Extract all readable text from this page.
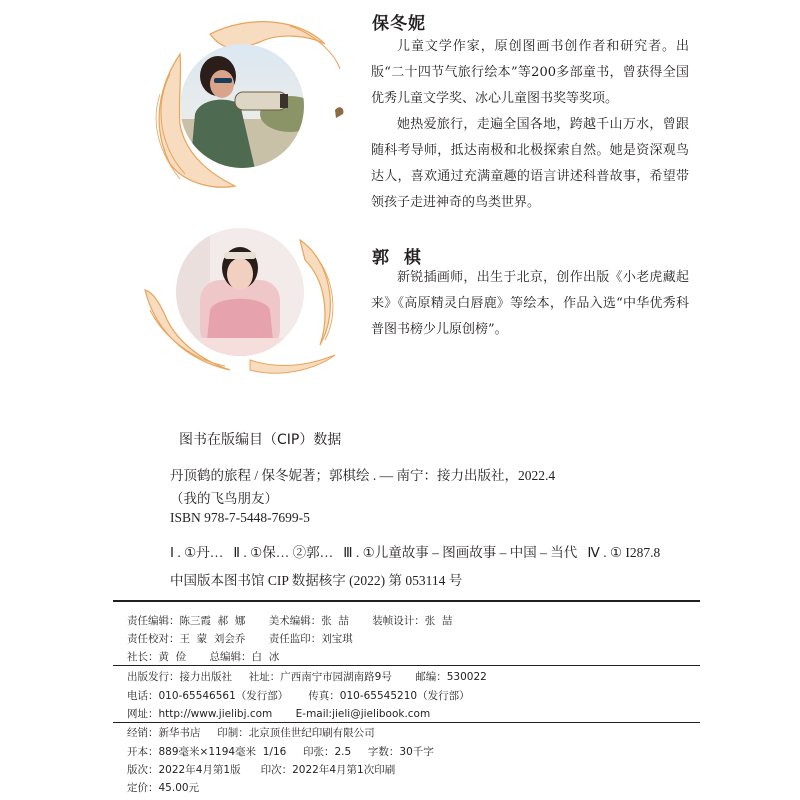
保冬妮

儿童文学作家，原创图画书创作者和研究者。出版“二十四节气旅行绘本”等200多部童书，曾获得全国优秀儿童文学奖、冰心儿童图书奖等奖项。

她热爱旅行，走遍全国各地，跨越千山万水，曾跟随科考导师，抵达南极和北极探索自然。她是资深观鸟达人，喜欢通过充满童趣的语言讲述科普故事，希望带领孩子走进神奇的鸟类世界。

郭  棋

新锐插画师，出生于北京，创作出版《小老虎藏起来》《高原精灵白唇鹿》等绘本，作品入选“中华优秀科普图书榜少儿原创榜”。

图书在版编目（CIP）数据
丹顶鹤的旅程 / 保冬妮著；郭棋绘 . — 南宁：接力出版社，2022.4
（我的飞鸟朋友）
ISBN 978-7-5448-7699-5
Ⅰ . ①丹…   Ⅱ . ①保… ②郭…   Ⅲ . ①儿童故事 – 图画故事 – 中国 – 当代   Ⅳ . ① I287.8
中国版本图书馆 CIP 数据核字 (2022) 第 053114 号
责任编辑：陈三霞  郝  娜       美术编辑：张  喆       装帧设计：张  喆
责任校对：王  蒙  刘会乔       责任监印：刘宝琪
社长：黄  俭       总编辑：白  冰
出版发行：接力出版社     社址：广西南宁市园湖南路9号       邮编：530022
电话：010-65546561（发行部）      传真：010-65545210（发行部）
网址：http://www.jielibj.com       E-mail:jieli@jielibook.com
经销：新华书店     印制：北京顶佳世纪印刷有限公司
开本：889毫米×1194毫米  1/16     印张：2.5     字数：30千字
版次：2022年4月第1版      印次：2022年4月第1次印刷
定价：45.00元
